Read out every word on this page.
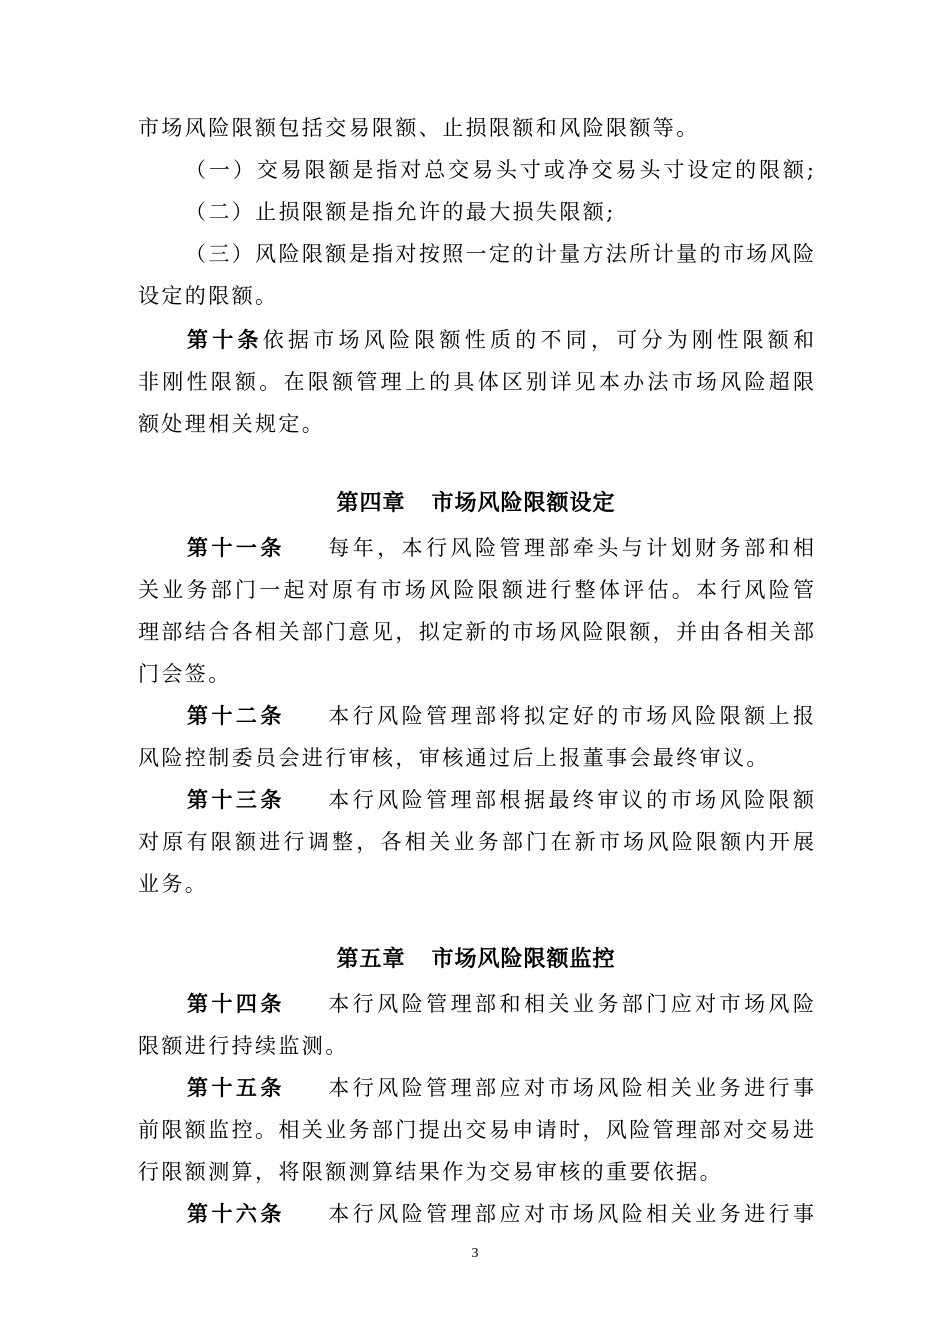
市场风险限额包括交易限额、止损限额和风险限额等。
（一）交易限额是指对总交易头寸或净交易头寸设定的限额;
（二）止损限额是指允许的最大损失限额;
（三）风险限额是指对按照一定的计量方法所计量的市场风险
设定的限额。
第十条依据市场风险限额性质的不同，可分为刚性限额和
非刚性限额。在限额管理上的具体区别详见本办法市场风险超限
额处理相关规定。
第四章 市场风险限额设定
第十一条 每年，本行风险管理部牵头与计划财务部和相
关业务部门一起对原有市场风险限额进行整体评估。本行风险管
理部结合各相关部门意见，拟定新的市场风险限额，并由各相关部
门会签。
第十二条 本行风险管理部将拟定好的市场风险限额上报
风险控制委员会进行审核，审核通过后上报董事会最终审议。
第十三条 本行风险管理部根据最终审议的市场风险限额
对原有限额进行调整，各相关业务部门在新市场风险限额内开展
业务。
第五章 市场风险限额监控
第十四条 本行风险管理部和相关业务部门应对市场风险
限额进行持续监测。
第十五条 本行风险管理部应对市场风险相关业务进行事
前限额监控。相关业务部门提出交易申请时，风险管理部对交易进
行限额测算，将限额测算结果作为交易审核的重要依据。
第十六条 本行风险管理部应对市场风险相关业务进行事
3
